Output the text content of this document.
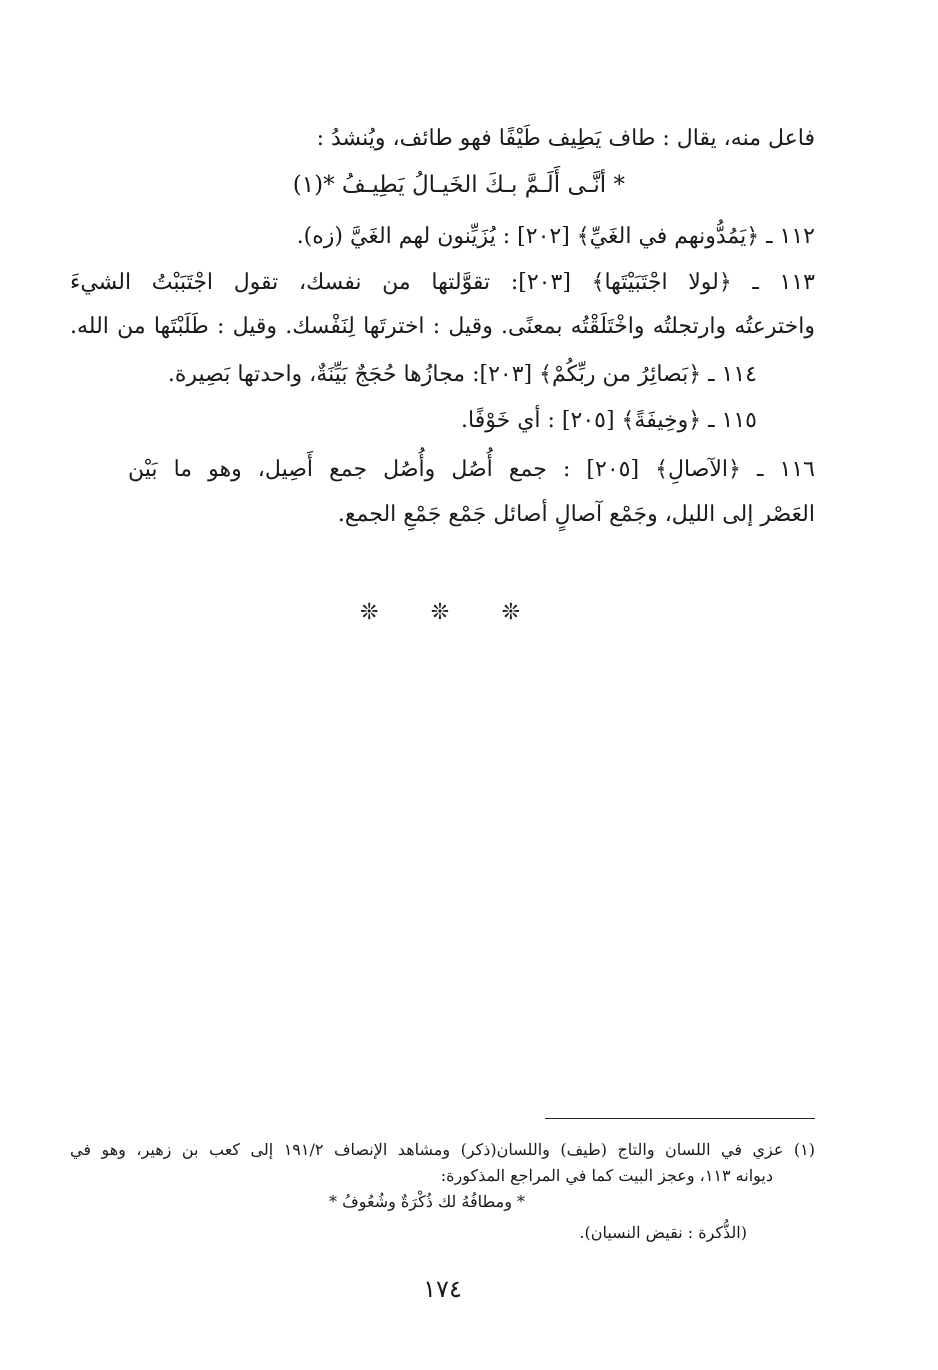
فاعل منه، يقال : طاف يَطِيف طَيْفًا فهو طائف، ويُنشدُ :
* أنَّـى أَلَـمَّ بـكَ الخَيـالُ يَطِيـفُ *(١)
١١٢ ـ ﴿يَمُدُّونهم في الغَيِّ﴾ [٢٠٢] : يُزَيِّنون لهم الغَيَّ (زه).
١١٣ ـ ﴿لولا اجْتَبَيْتَها﴾ [٢٠٣]: تقوَّلتها من نفسك، تقول اجْتَبَبْتُ الشيءَ
واخترعتُه وارتجلتُه واخْتَلَقْتُه بمعنًى. وقيل : اخترتَها لِنَفْسك. وقيل : طَلَبْتَها من الله.
١١٤ ـ ﴿بَصائِرُ من ربِّكُمْ﴾ [٢٠٣]: مجازُها حُجَجٌ بَيِّنَةٌ، واحدتها بَصِيرة.
١١٥ ـ ﴿وخِيفَةً﴾ [٢٠٥] : أي خَوْفًا.
١١٦ ـ ﴿الآصالِ﴾ [٢٠٥] : جمع أُصُل وأُصُل جمع أَصِيل، وهو ما بَيْن
العَصْر إلى الليل، وجَمْع آصالٍ أصائل جَمْع جَمْعِ الجمع.
❊
❊
❊
(١) عزي في اللسان والتاج (طيف) واللسان(ذكر) ومشاهد الإنصاف ١٩١/٢ إلى كعب بن زهير، وهو في
ديوانه ١١٣، وعجز البيت كما في المراجع المذكورة:
* ومطافُهُ لك ذُكْرَةٌ وشُعُوفُ *
(الذُّكرة : نقيض النسيان).
١٧٤
